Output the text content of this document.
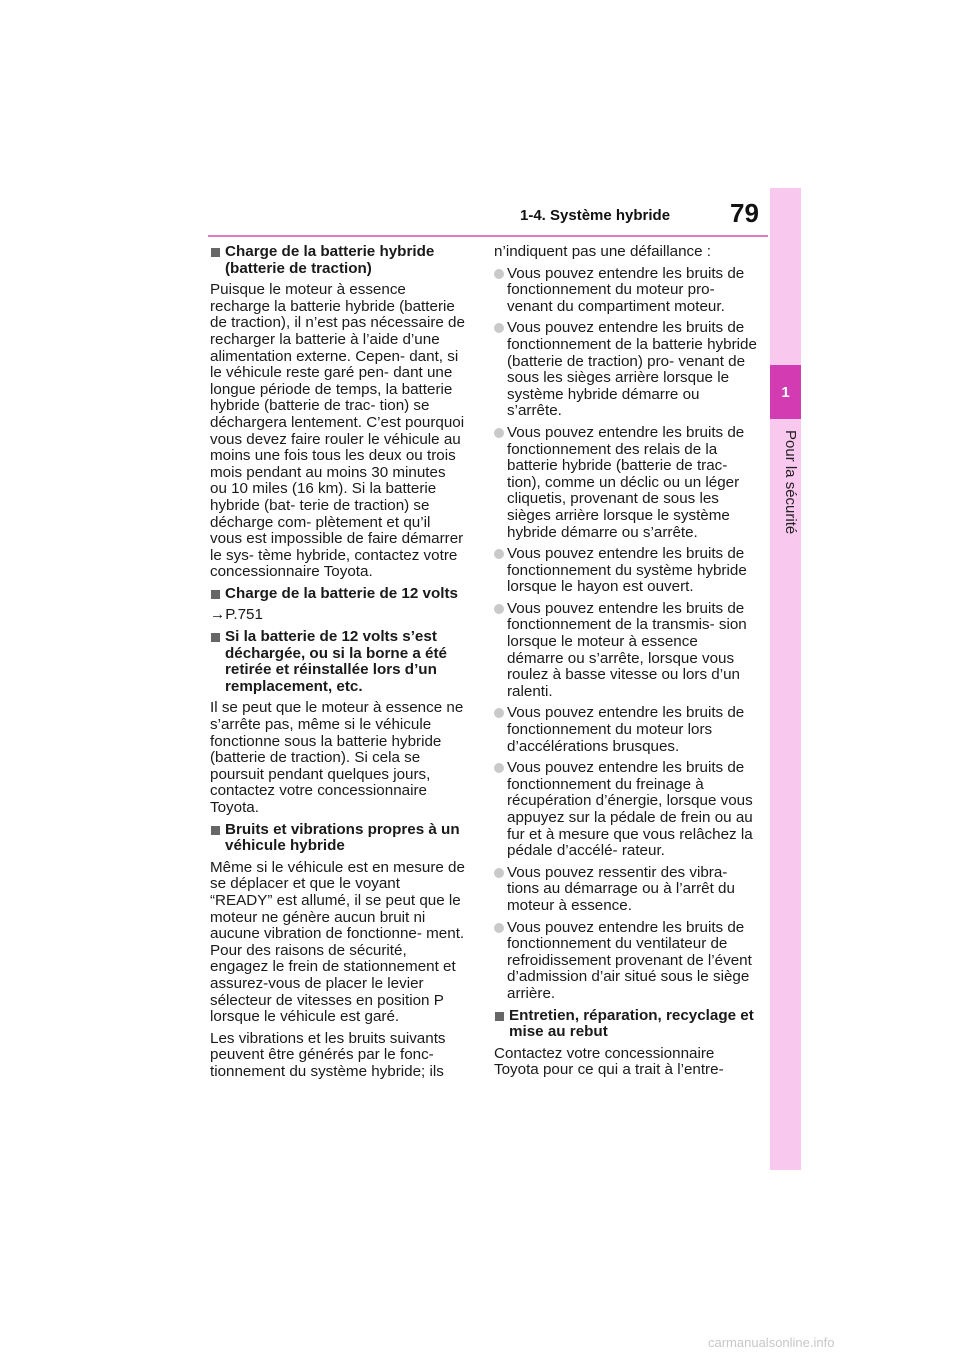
1
Pour la sécurité
1-4. Système hybride	79
Charge de la batterie hybride (batterie de traction)
Puisque le moteur à essence recharge la batterie hybride (batterie de traction), il n’est pas nécessaire de recharger la batterie à l’aide d’une alimentation externe. Cepen- dant, si le véhicule reste garé pen- dant une longue période de temps, la batterie hybride (batterie de trac- tion) se déchargera lentement. C’est pourquoi vous devez faire rouler le véhicule au moins une fois tous les deux ou trois mois pendant au moins 30 minutes ou 10 miles (16 km). Si la batterie hybride (bat- terie de traction) se décharge com- plètement et qu’il vous est impossible de faire démarrer le sys- tème hybride, contactez votre concessionnaire Toyota.
Charge de la batterie de 12 volts
→P.751
Si la batterie de 12 volts s’est déchargée, ou si la borne a été retirée et réinstallée lors d’un remplacement, etc.
Il se peut que le moteur à essence ne s’arrête pas, même si le véhicule fonctionne sous la batterie hybride (batterie de traction). Si cela se poursuit pendant quelques jours, contactez votre concessionnaire Toyota.
Bruits et vibrations propres à un véhicule hybride
Même si le véhicule est en mesure de se déplacer et que le voyant “READY” est allumé, il se peut que le moteur ne génère aucun bruit ni aucune vibration de fonctionne- ment. Pour des raisons de sécurité, engagez le frein de stationnement et assurez-vous de placer le levier sélecteur de vitesses en position P lorsque le véhicule est garé.
Les vibrations et les bruits suivants peuvent être générés par le fonc- tionnement du système hybride; ils
n’indiquent pas une défaillance :
Vous pouvez entendre les bruits de fonctionnement du moteur pro- venant du compartiment moteur.
Vous pouvez entendre les bruits de fonctionnement de la batterie hybride (batterie de traction) pro- venant de sous les sièges arrière lorsque le système hybride démarre ou s’arrête.
Vous pouvez entendre les bruits de fonctionnement des relais de la batterie hybride (batterie de trac- tion), comme un déclic ou un léger cliquetis, provenant de sous les sièges arrière lorsque le système hybride démarre ou s’arrête.
Vous pouvez entendre les bruits de fonctionnement du système hybride lorsque le hayon est ouvert.
Vous pouvez entendre les bruits de fonctionnement de la transmis- sion lorsque le moteur à essence démarre ou s’arrête, lorsque vous roulez à basse vitesse ou lors d’un ralenti.
Vous pouvez entendre les bruits de fonctionnement du moteur lors d’accélérations brusques.
Vous pouvez entendre les bruits de fonctionnement du freinage à récupération d’énergie, lorsque vous appuyez sur la pédale de frein ou au fur et à mesure que vous relâchez la pédale d’accélé- rateur.
Vous pouvez ressentir des vibra- tions au démarrage ou à l’arrêt du moteur à essence.
Vous pouvez entendre les bruits de fonctionnement du ventilateur de refroidissement provenant de l’évent d’admission d’air situé sous le siège arrière.
Entretien, réparation, recyclage et mise au rebut
Contactez votre concessionnaire Toyota pour ce qui a trait à l’entre-
carmanualsonline.info
